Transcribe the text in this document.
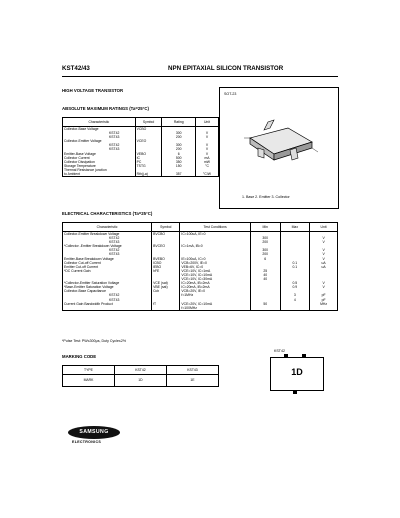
KST42/43	NPN EPITAXIAL SILICON TRANSISTOR
HIGH VOLTAGE TRANSISTOR
ABSOLUTE MAXIMUM RATINGS (Ta=25°C)
Characteristic	Symbol	Rating	Unit
Collector-Base Voltage	VCBO		
KST42		300	V
KST43		200	V
Collector-Emitter Voltage	VCEO		
KST42		300	V
KST43		200	V
Emitter-Base Voltage	VEBO	6	V
Collector Current	IC	500	mA
Collector Dissipation	PC	350	mW
Storage Temperature	TSTG	150	°C
Thermal Resistance junction			
to Ambient	Rth(j-a)	357	°C/W
SOT-23
1. Base 2. Emitter 3. Collector
ELECTRICAL CHARACTERISTICS (Ta=25°C)
Characteristic	Symbol	Test Conditions	Min	Max	Unit
Collector-Emitter Breakdown Voltage	BVCBO	IC=100uA, IE=0			
KST42			300		V
KST43			200		V
*Collector -Emitter Breakdown Voltage	BVCEO	IC=1mA, IB=0			
KST42			300		V
KST43			200		V
Emitter-Base Breakdown Voltage	BVEBO	IE=100uA, IC=0	6		V
Collector Cut-off Current	ICBO	VCB=200V, IE=0		0.1	uA
Emitter Cut-off Current	IEBO	VEB=6V, IC=0		0.1	uA
*DC Current Gain	hFE	VCE=10V, IC=1mA	25		
		VCE=10V, IC=10mA	40		
		VCE=10V, IC=30mA	40		
*Collector-Emitter Saturation Voltage	VCE (sat)	IC=20mA, IB=2mA		0.5	V
*Base-Emitter Saturation Voltage	VBE (sat)	IC=20mA, IB=2mA		0.9	V
Collector-Base Capacitance	Ccb	VCB=20V, IE=0			
KST42		f=1MHz		3	pF
KST43				4	pF
Current Gain Bandwidth Product	fT	VCE=20V, IC=10mA	50		MHz
		f=100MHz			
*Pulse Test: PW≤300μs, Duty Cycle≤2%
MARKING CODE
TYPE	KST42	KST43
MARK	1D	1E
KST42
1D
SAMSUNG
ELECTRONICS
